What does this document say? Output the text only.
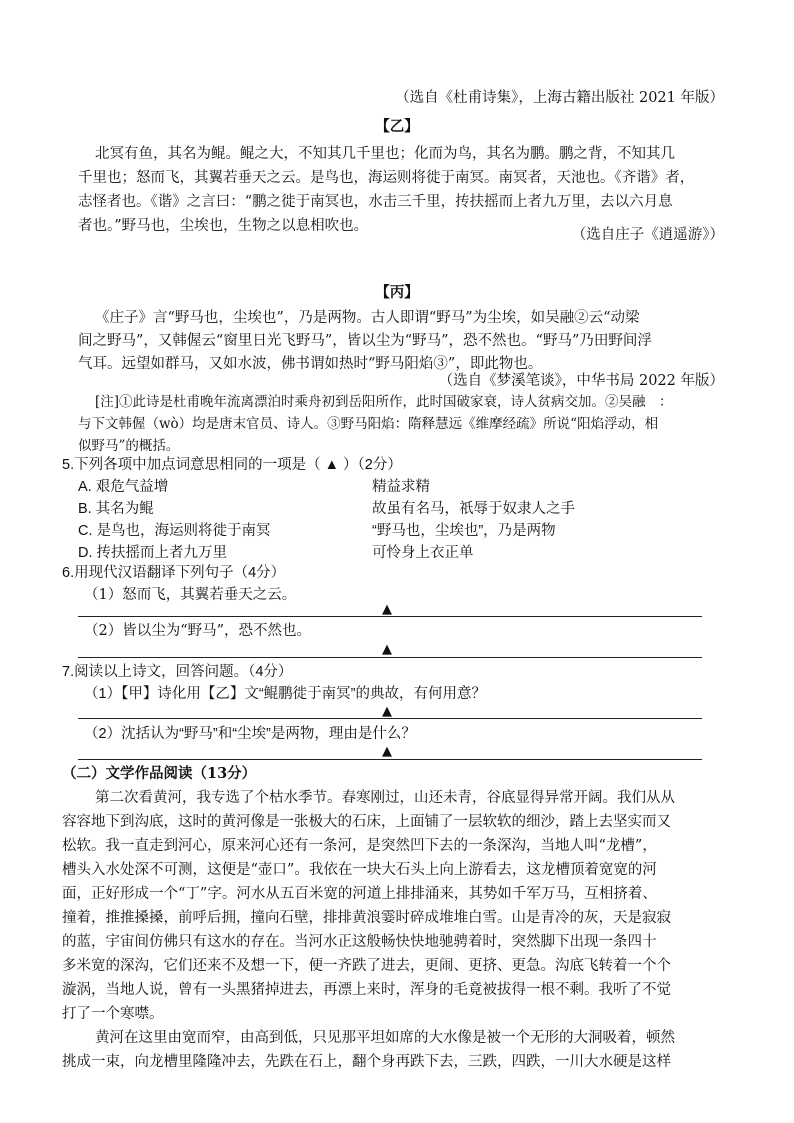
（选自《杜甫诗集》，上海古籍出版社 2021 年版）
【乙】
北冥有鱼，其名为鲲。鲲之大，不知其几千里也；化而为鸟，其名为鹏。鹏之背，不知其几
千里也；怒而飞，其翼若垂天之云。是鸟也，海运则将徙于南冥。南冥者，天池也。《齐谐》者，
志怪者也。《谐》之言曰：“鹏之徙于南冥也，水击三千里，抟扶摇而上者九万里，去以六月息
者也。”野马也，尘埃也，生物之以息相吹也。
（选自庄子《逍遥游》）
【丙】
《庄子》言“野马也，尘埃也”，乃是两物。古人即谓“野马”为尘埃，如吴融②云“动梁
间之野马”，又韩偓云“窗里日光飞野马”，皆以尘为“野马”，恐不然也。“野马”乃田野间浮
气耳。远望如群马，又如水波，佛书谓如热时“野马阳焰③”，即此物也。
（选自《梦溪笔谈》，中华书局 2022 年版）
[注]①此诗是杜甫晚年流离漂泊时乘舟初到岳阳所作，此时国破家衰，诗人贫病交加。②吴融　：
与下文韩偓（wò）均是唐末官员、诗人。③野马阳焰：隋释慧远《维摩经疏》所说“阳焰浮动，相
似野马”的概括。
5.下列各项中加点词意思相同的一项是（ ▲ ）（2分）
A. 艰危气益增	精益求精
B. 其名为鲲	故虽有名马，祇辱于奴隶人之手
C. 是鸟也，海运则将徙于南冥	“野马也，尘埃也”，乃是两物
D. 抟扶摇而上者九万里	可怜身上衣正单
6.用现代汉语翻译下列句子（4分）
（1）怒而飞，其翼若垂天之云。
▲
（2）皆以尘为“野马”，恐不然也。
▲
7.阅读以上诗文，回答问题。（4分）
（1）【甲】诗化用【乙】文“鲲鹏徙于南冥”的典故，有何用意？
▲
（2）沈括认为“野马”和“尘埃”是两物，理由是什么？
▲
（二）文学作品阅读（13分）
第二次看黄河，我专选了个枯水季节。春寒刚过，山还未青，谷底显得异常开阔。我们从从
容容地下到沟底，这时的黄河像是一张极大的石床，上面铺了一层软软的细沙，踏上去坚实而又
松软。我一直走到河心，原来河心还有一条河，是突然凹下去的一条深沟，当地人叫“龙槽”，
槽头入水处深不可测，这便是“壶口”。我依在一块大石头上向上游看去，这龙槽顶着宽宽的河
面，正好形成一个“丁”字。河水从五百米宽的河道上排排涌来，其势如千军万马，互相挤着、
撞着，推推搡搡，前呼后拥，撞向石壁，排排黄浪霎时碎成堆堆白雪。山是青冷的灰，天是寂寂
的蓝，宇宙间仿佛只有这水的存在。当河水正这般畅快快地驰骋着时，突然脚下出现一条四十
多米宽的深沟，它们还来不及想一下，便一齐跌了进去，更闹、更挤、更急。沟底飞转着一个个
漩涡，当地人说，曾有一头黑猪掉进去，再漂上来时，浑身的毛竟被拔得一根不剩。我听了不觉
打了一个寒噤。
黄河在这里由宽而窄，由高到低，只见那平坦如席的大水像是被一个无形的大洞吸着，顿然
挑成一束，向龙槽里隆隆冲去，先跌在石上，翻个身再跌下去，三跌，四跌，一川大水硬是这样
